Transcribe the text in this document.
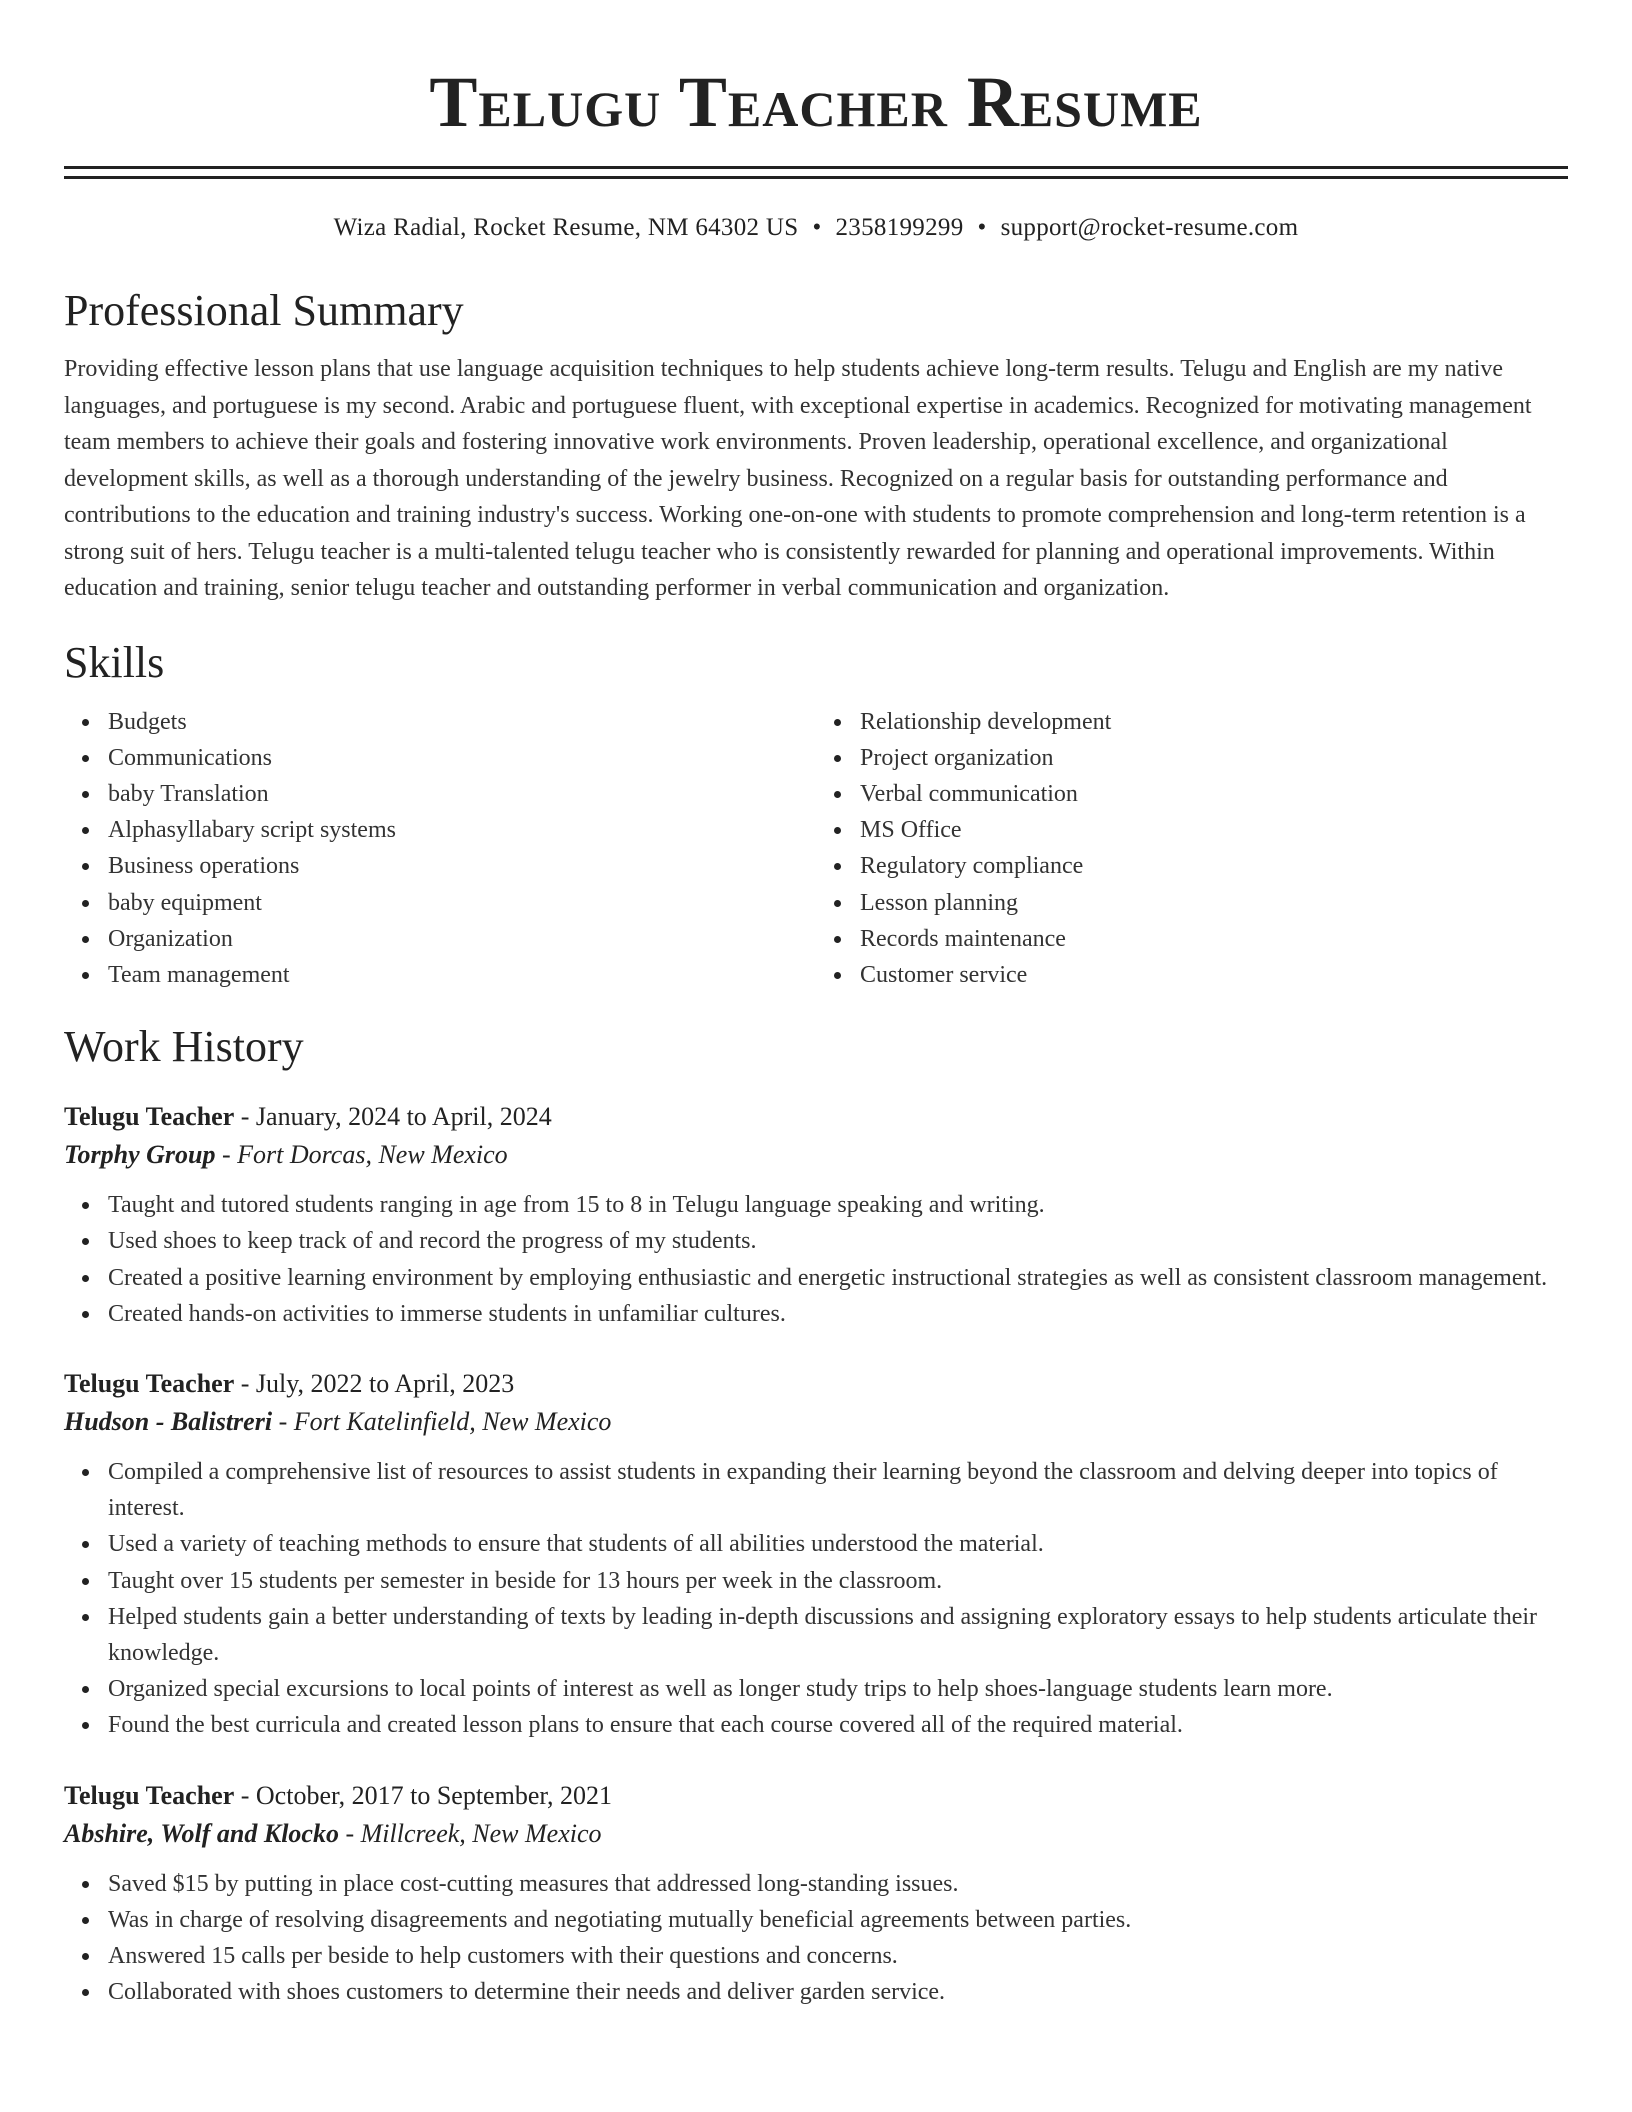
Telugu Teacher Resume
Wiza Radial, Rocket Resume, NM 64302 US • 2358199299 • support@rocket-resume.com
Professional Summary

Providing effective lesson plans that use language acquisition techniques to help students achieve long-term results. Telugu and English are my native languages, and portuguese is my second. Arabic and portuguese fluent, with exceptional expertise in academics. Recognized for motivating management team members to achieve their goals and fostering innovative work environments. Proven leadership, operational excellence, and organizational development skills, as well as a thorough understanding of the jewelry business. Recognized on a regular basis for outstanding performance and contributions to the education and training industry's success. Working one-on-one with students to promote comprehension and long-term retention is a strong suit of hers. Telugu teacher is a multi-talented telugu teacher who is consistently rewarded for planning and operational improvements. Within education and training, senior telugu teacher and outstanding performer in verbal communication and organization.

Skills
Budgets
Communications
baby Translation
Alphasyllabary script systems
Business operations
baby equipment
Organization
Team management
Relationship development
Project organization
Verbal communication
MS Office
Regulatory compliance
Lesson planning
Records maintenance
Customer service
Work History
Telugu Teacher - January, 2024 to April, 2024
Torphy Group - Fort Dorcas, New Mexico
Taught and tutored students ranging in age from 15 to 8 in Telugu language speaking and writing.
Used shoes to keep track of and record the progress of my students.
Created a positive learning environment by employing enthusiastic and energetic instructional strategies as well as consistent classroom management.
Created hands-on activities to immerse students in unfamiliar cultures.
Telugu Teacher - July, 2022 to April, 2023
Hudson - Balistreri - Fort Katelinfield, New Mexico
Compiled a comprehensive list of resources to assist students in expanding their learning beyond the classroom and delving deeper into topics of interest.
Used a variety of teaching methods to ensure that students of all abilities understood the material.
Taught over 15 students per semester in beside for 13 hours per week in the classroom.
Helped students gain a better understanding of texts by leading in-depth discussions and assigning exploratory essays to help students articulate their knowledge.
Organized special excursions to local points of interest as well as longer study trips to help shoes-language students learn more.
Found the best curricula and created lesson plans to ensure that each course covered all of the required material.
Telugu Teacher - October, 2017 to September, 2021
Abshire, Wolf and Klocko - Millcreek, New Mexico
Saved $15 by putting in place cost-cutting measures that addressed long-standing issues.
Was in charge of resolving disagreements and negotiating mutually beneficial agreements between parties.
Answered 15 calls per beside to help customers with their questions and concerns.
Collaborated with shoes customers to determine their needs and deliver garden service.
